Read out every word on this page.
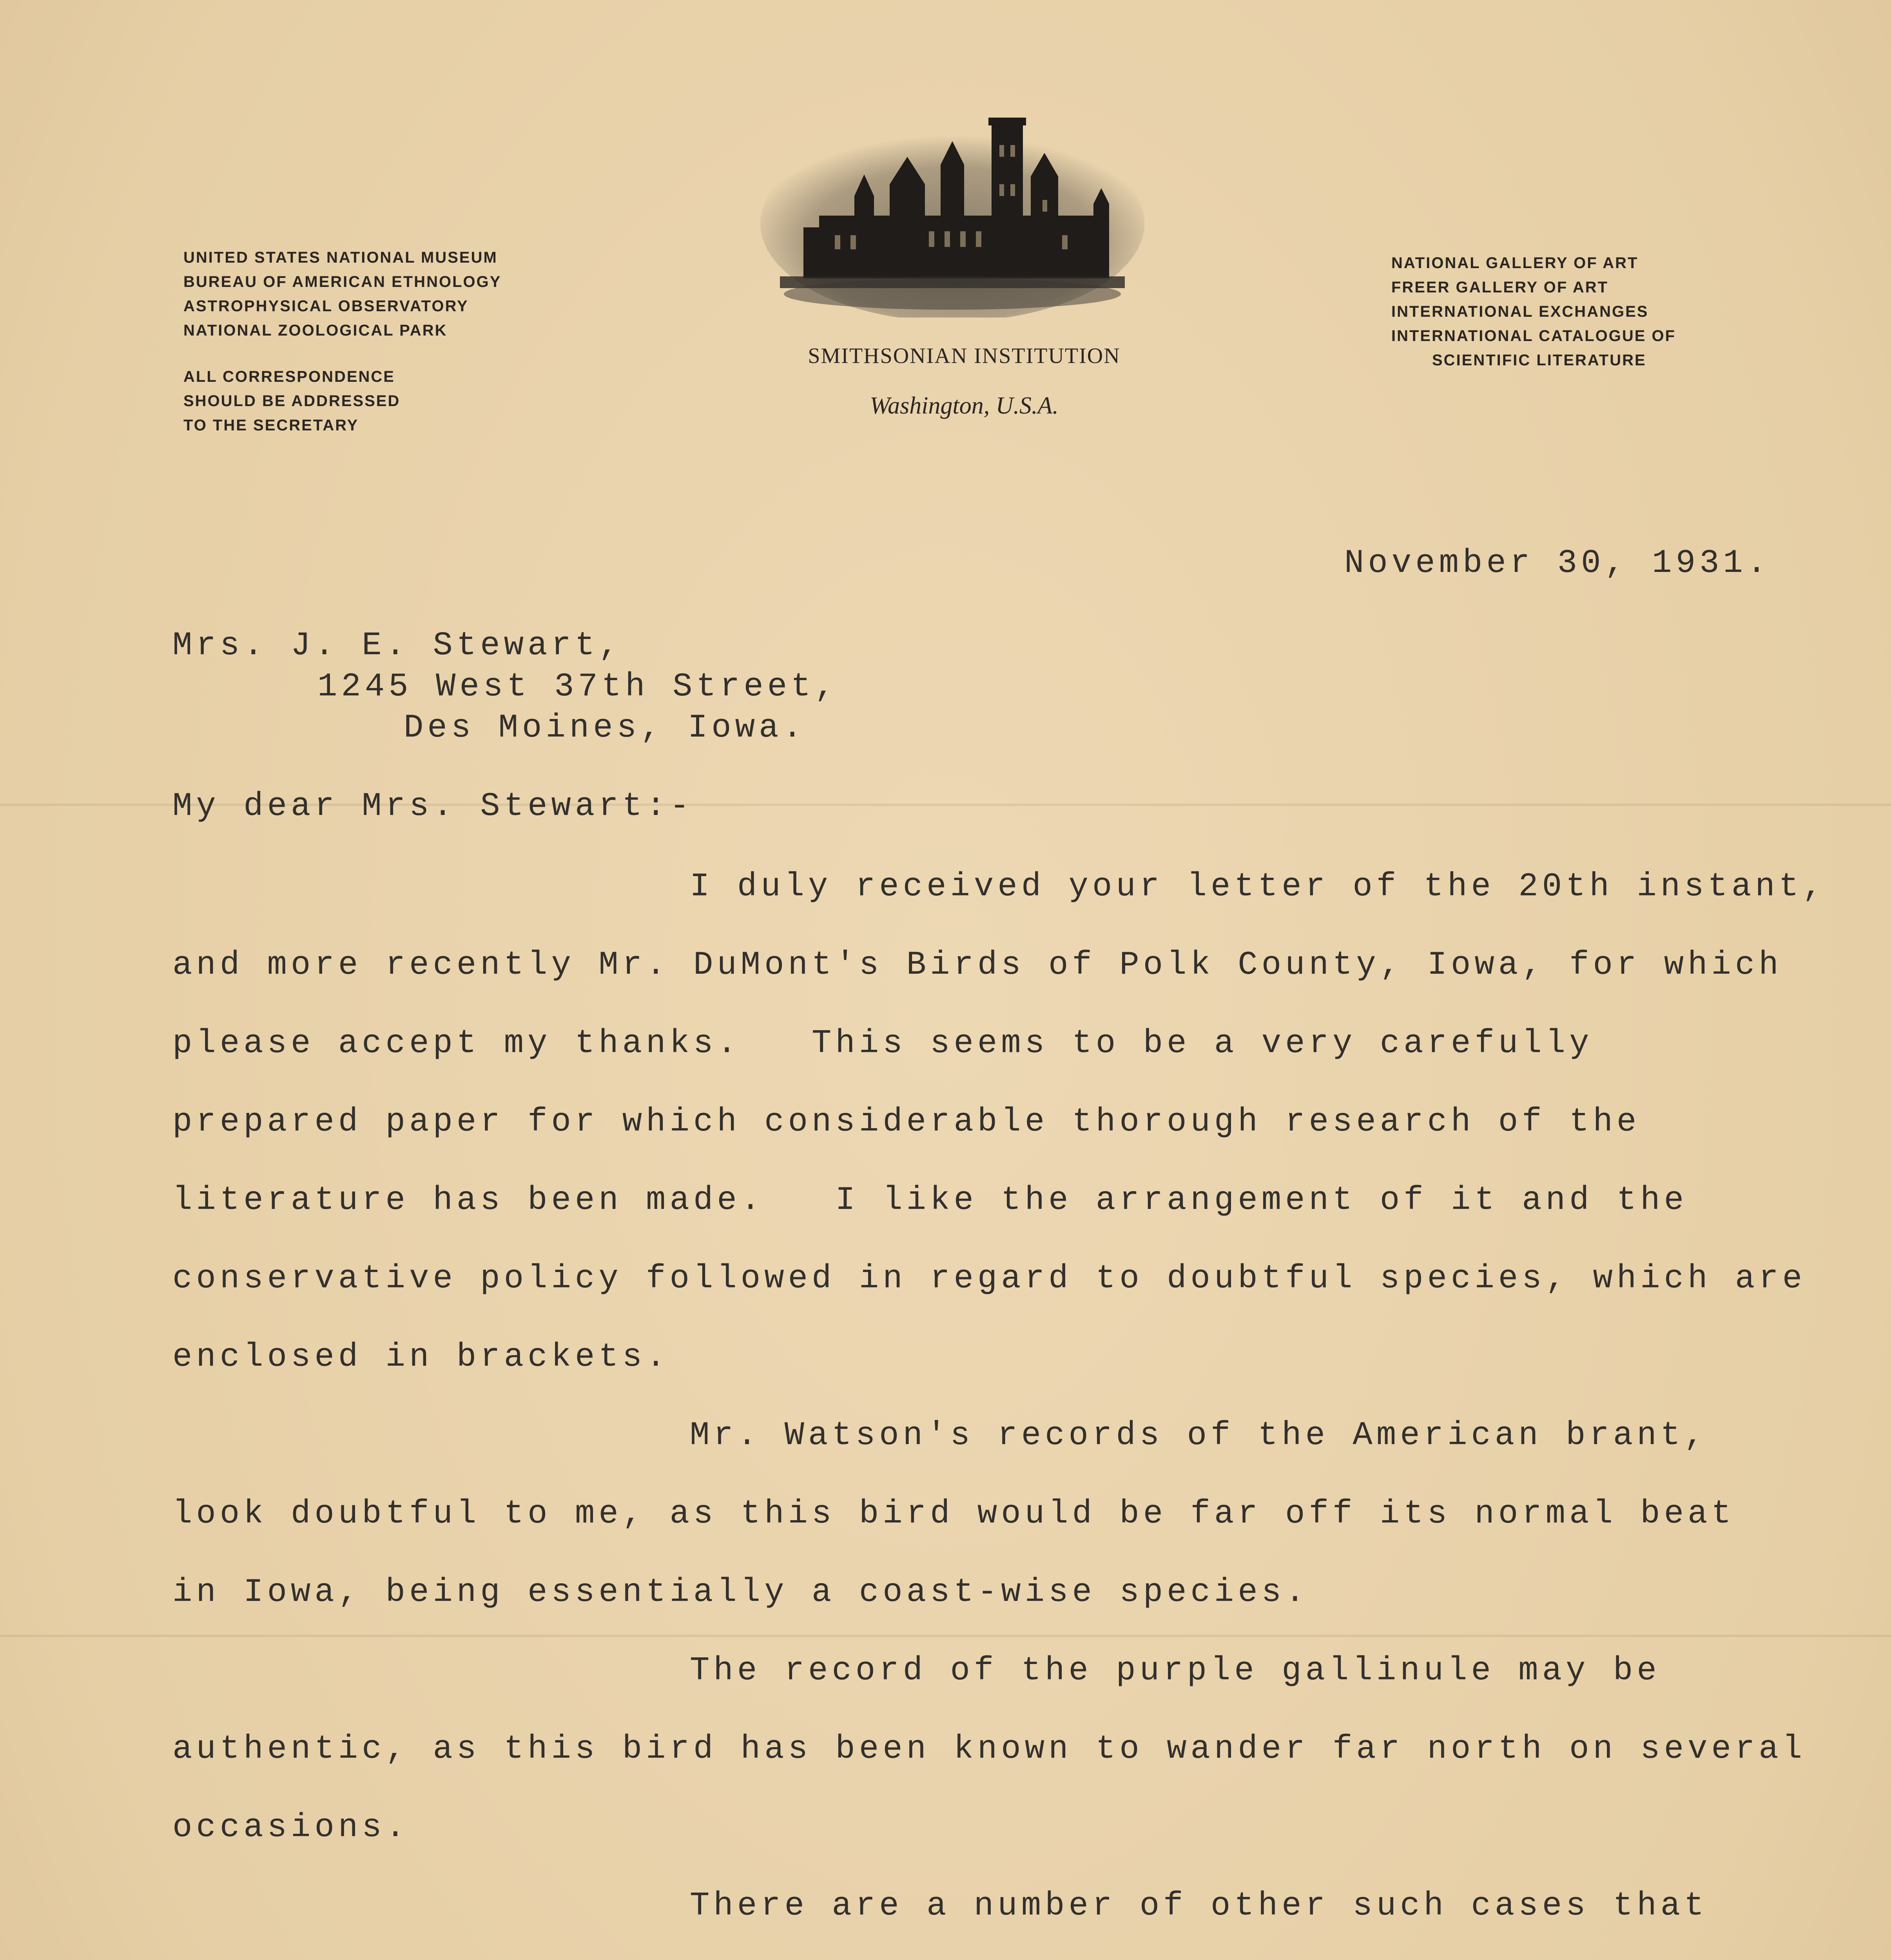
UNITED STATES NATIONAL MUSEUM
BUREAU OF AMERICAN ETHNOLOGY
ASTROPHYSICAL OBSERVATORY
NATIONAL ZOOLOGICAL PARK
ALL CORRESPONDENCE
SHOULD BE ADDRESSED
TO THE SECRETARY
SMITHSONIAN INSTITUTION
Washington, U.S.A.
NATIONAL GALLERY OF ART
FREER GALLERY OF ART
INTERNATIONAL EXCHANGES
INTERNATIONAL CATALOGUE OF
SCIENTIFIC LITERATURE
November 30, 1931.
Mrs. J. E. Stewart,
1245 West 37th Street,
Des Moines, Iowa.
My dear Mrs. Stewart:-
I duly received your letter of the 20th instant,
and more recently Mr. DuMont's Birds of Polk County, Iowa, for which
please accept my thanks.   This seems to be a very carefully
prepared paper for which considerable thorough research of the
literature has been made.   I like the arrangement of it and the
conservative policy followed in regard to doubtful species, which are
enclosed in brackets.
Mr. Watson's records of the American brant,
look doubtful to me, as this bird would be far off its normal beat
in Iowa, being essentially a coast-wise species.
The record of the purple gallinule may be
authentic, as this bird has been known to wander far north on several
occasions.
There are a number of other such cases that
